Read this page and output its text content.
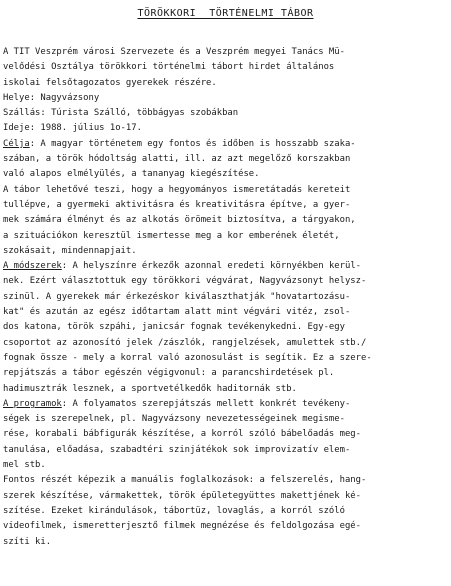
TÖRÖKKORI  TÖRTÉNELMI TÁBOR
A TIT Veszprém városi Szervezete és a Veszprém megyei Tanács Mü-
velődési Osztálya törökkori történelmi tábort hirdet általános
iskolai felsőtagozatos gyerekek részére.
Helye: Nagyvázsony
Szállás: Túrista Szálló, többágyas szobákban
Ideje: 1988. július 1o-17.
Célja: A magyar történetem egy fontos és időben is hosszabb szaka-
szában, a török hódoltság alatti, ill. az azt megelőző korszakban
való alapos elmélyülés, a tananyag kiegészítése.
A tábor lehetővé teszi, hogy a hegyományos ismeretátadás kereteit
tullépve, a gyermeki aktivitásra és kreativitásra építve, a gyer-
mek számára élményt és az alkotás örömeit biztosítva, a tárgyakon,
a szituációkon keresztül ismertesse meg a kor emberének életét,
szokásait, mindennapjait.
A módszerek: A helyszínre érkezők azonnal eredeti környékben kerül-
nek. Ezért választottuk egy törökkori végvárat, Nagyvázsonyt helysz-
szinül. A gyerekek már érkezéskor kiválaszthatják "hovatartozásu-
kat" és azután az egész időtartam alatt mint végvári vitéz, zsol-
dos katona, török szpáhi, janicsár fognak tevékenykedni. Egy-egy
csoportot az azonosító jelek /zászlók, rangjelzések, amulettek stb./
fognak össze - mely a korral való azonosulást is segítik. Ez a szere-
repjátszás a tábor egészén végigvonul: a parancshirdetések pl.
hadimusztrák lesznek, a sportvetélkedők haditornák stb.
A programok: A folyamatos szerepjátszás mellett konkrét tevékeny-
ségek is szerepelnek, pl. Nagyvázsony nevezetességeinek megisme-
rése, korabali bábfigurák készítése, a korról szóló bábelőadás meg-
tanulása, előadása, szabadtéri szinjátékok sok improvizatív elem-
mel stb.
Fontos részét képezik a manuális foglalkozások: a felszerelés, hang-
szerek készítése, vármakettek, török épületegyüttes makettjének ké-
szítése. Ezeket kirándulások, tábortüz, lovaglás, a korról szóló
videofilmek, ismeretterjesztő filmek megnézése és feldolgozása egé-
szíti ki.
